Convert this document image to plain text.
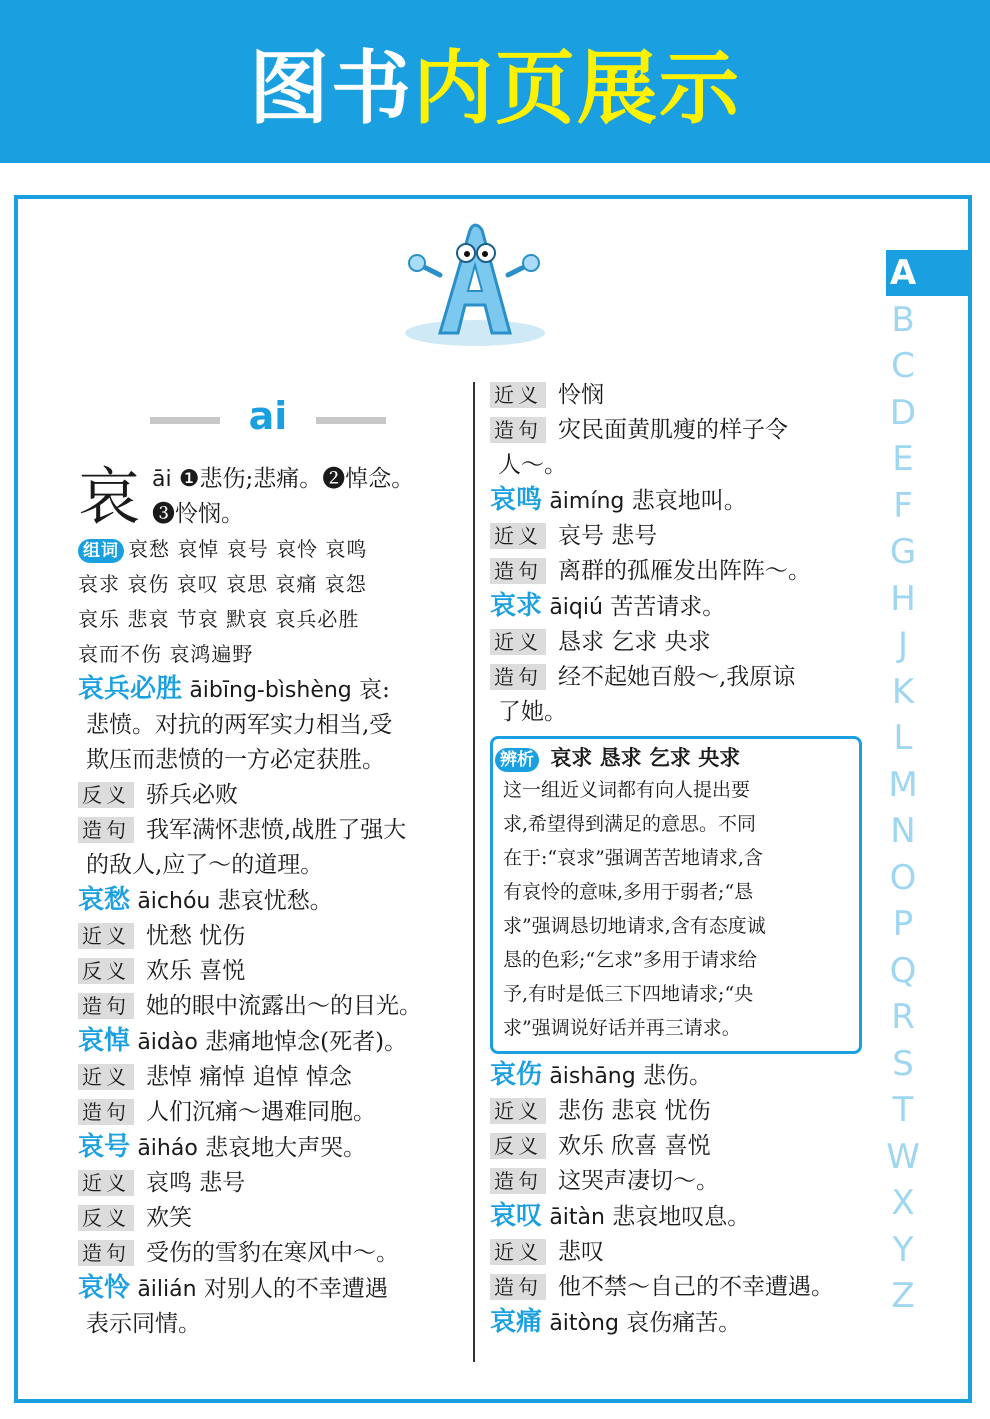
图书 内页展示
ai
A
B
C
D
E
F
G
H
J
K
L
M
N
O
P
Q
R
S
T
W
X
Y
Z
哀 āi ❶悲伤;悲痛。❷悼念。
❸怜悯。
组词 哀愁 哀悼 哀号 哀怜 哀鸣
哀求 哀伤 哀叹 哀思 哀痛 哀怨
哀乐 悲哀 节哀 默哀 哀兵必胜
哀而不伤 哀鸿遍野
哀兵必胜 āibīng-bìshèng 哀:
悲愤。对抗的两军实力相当,受
欺压而悲愤的一方必定获胜。
反义 骄兵必败
造句 我军满怀悲愤,战胜了强大
的敌人,应了～的道理。
哀愁 āichóu 悲哀忧愁。
近义 忧愁 忧伤
反义 欢乐 喜悦
造句 她的眼中流露出～的目光。
哀悼 āidào 悲痛地悼念(死者)。
近义 悲悼 痛悼 追悼 悼念
造句 人们沉痛～遇难同胞。
哀号 āiháo 悲哀地大声哭。
近义 哀鸣 悲号
反义 欢笑
造句 受伤的雪豹在寒风中～。
哀怜 āilián 对别人的不幸遭遇
表示同情。
近义 怜悯
造句 灾民面黄肌瘦的样子令
人～。
哀鸣 āimíng 悲哀地叫。
近义 哀号 悲号
造句 离群的孤雁发出阵阵～。
哀求 āiqiú 苦苦请求。
近义 恳求 乞求 央求
造句 经不起她百般～,我原谅
了她。
辨析 哀求 恳求 乞求 央求
这一组近义词都有向人提出要
求,希望得到满足的意思。不同
在于:“哀求”强调苦苦地请求,含
有哀怜的意味,多用于弱者;“恳
求”强调恳切地请求,含有态度诚
恳的色彩;“乞求”多用于请求给
予,有时是低三下四地请求;“央
求”强调说好话并再三请求。
哀伤 āishāng 悲伤。
近义 悲伤 悲哀 忧伤
反义 欢乐 欣喜 喜悦
造句 这哭声凄切～。
哀叹 āitàn 悲哀地叹息。
近义 悲叹
造句 他不禁～自己的不幸遭遇。
哀痛 āitòng 哀伤痛苦。
